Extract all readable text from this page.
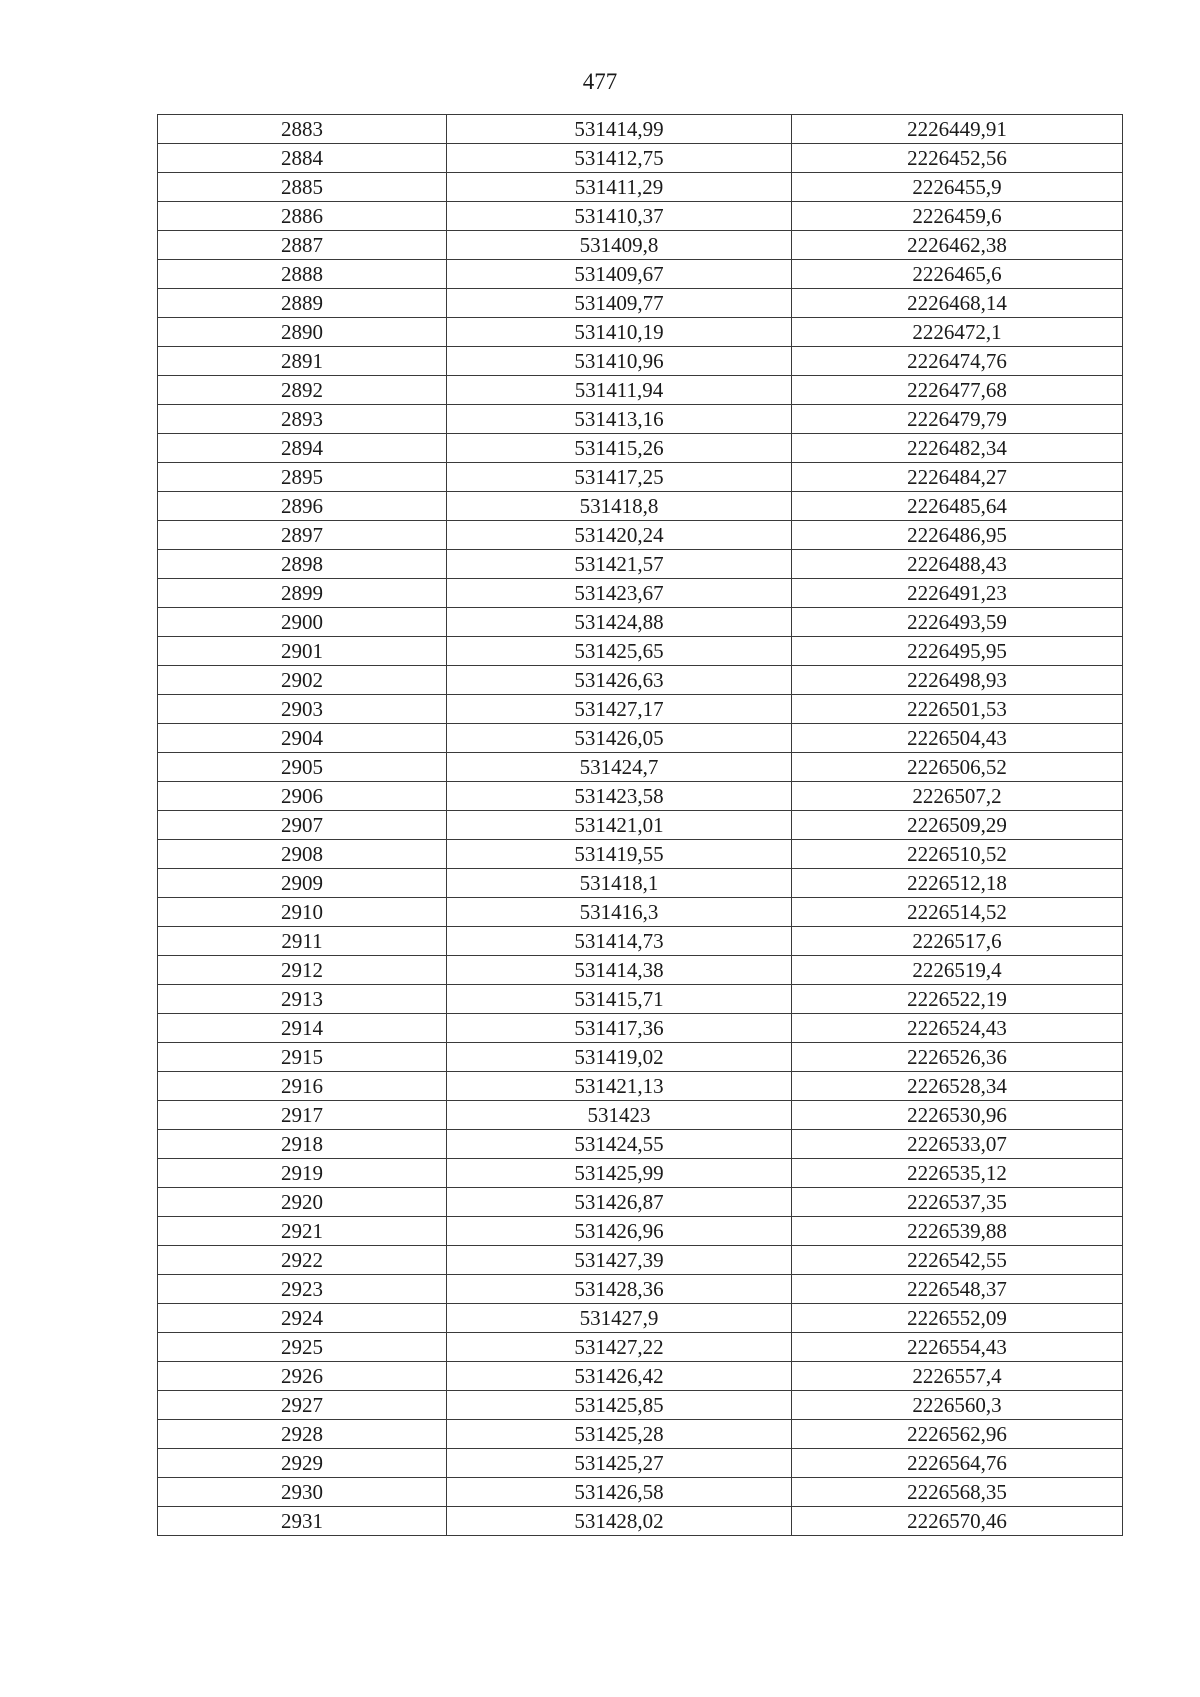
477
2883	531414,99	2226449,91
2884	531412,75	2226452,56
2885	531411,29	2226455,9
2886	531410,37	2226459,6
2887	531409,8	2226462,38
2888	531409,67	2226465,6
2889	531409,77	2226468,14
2890	531410,19	2226472,1
2891	531410,96	2226474,76
2892	531411,94	2226477,68
2893	531413,16	2226479,79
2894	531415,26	2226482,34
2895	531417,25	2226484,27
2896	531418,8	2226485,64
2897	531420,24	2226486,95
2898	531421,57	2226488,43
2899	531423,67	2226491,23
2900	531424,88	2226493,59
2901	531425,65	2226495,95
2902	531426,63	2226498,93
2903	531427,17	2226501,53
2904	531426,05	2226504,43
2905	531424,7	2226506,52
2906	531423,58	2226507,2
2907	531421,01	2226509,29
2908	531419,55	2226510,52
2909	531418,1	2226512,18
2910	531416,3	2226514,52
2911	531414,73	2226517,6
2912	531414,38	2226519,4
2913	531415,71	2226522,19
2914	531417,36	2226524,43
2915	531419,02	2226526,36
2916	531421,13	2226528,34
2917	531423	2226530,96
2918	531424,55	2226533,07
2919	531425,99	2226535,12
2920	531426,87	2226537,35
2921	531426,96	2226539,88
2922	531427,39	2226542,55
2923	531428,36	2226548,37
2924	531427,9	2226552,09
2925	531427,22	2226554,43
2926	531426,42	2226557,4
2927	531425,85	2226560,3
2928	531425,28	2226562,96
2929	531425,27	2226564,76
2930	531426,58	2226568,35
2931	531428,02	2226570,46
